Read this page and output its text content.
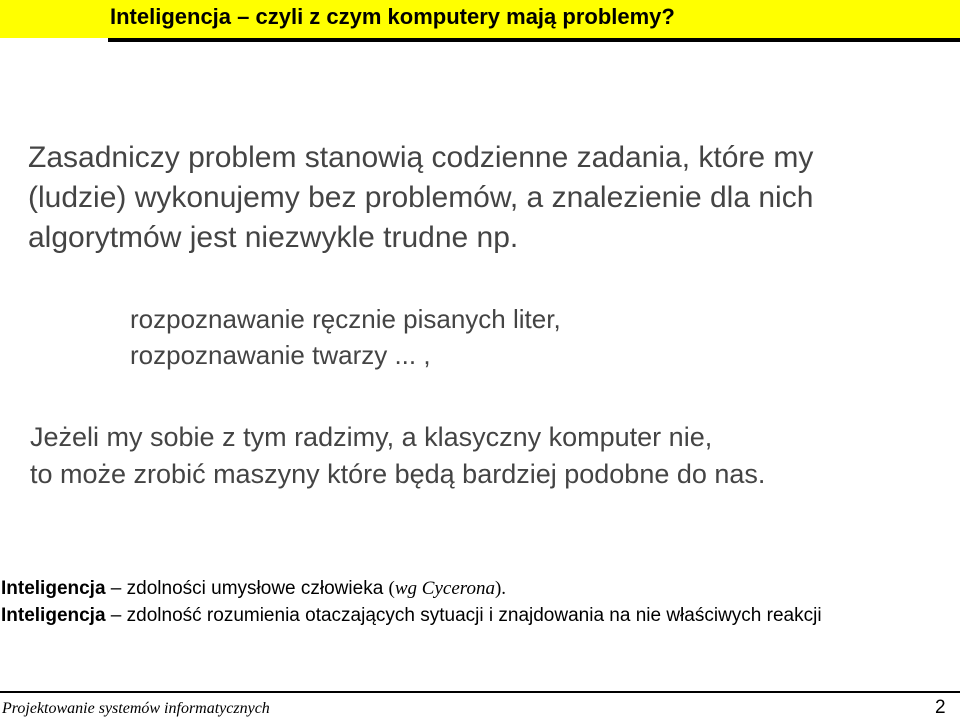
Inteligencja – czyli z czym komputery mają problemy?
Zasadniczy problem stanowią codzienne zadania, które my
(ludzie) wykonujemy bez problemów, a znalezienie dla nich
algorytmów jest niezwykle trudne np.
rozpoznawanie ręcznie pisanych liter,
rozpoznawanie twarzy ... ,
Jeżeli my sobie z tym radzimy, a klasyczny komputer nie,
to może zrobić maszyny które będą bardziej podobne do nas.
Inteligencja – zdolności umysłowe człowieka (wg Cycerona).
Inteligencja – zdolność rozumienia otaczających sytuacji i znajdowania na nie właściwych reakcji
Projektowanie systemów informatycznych	2
